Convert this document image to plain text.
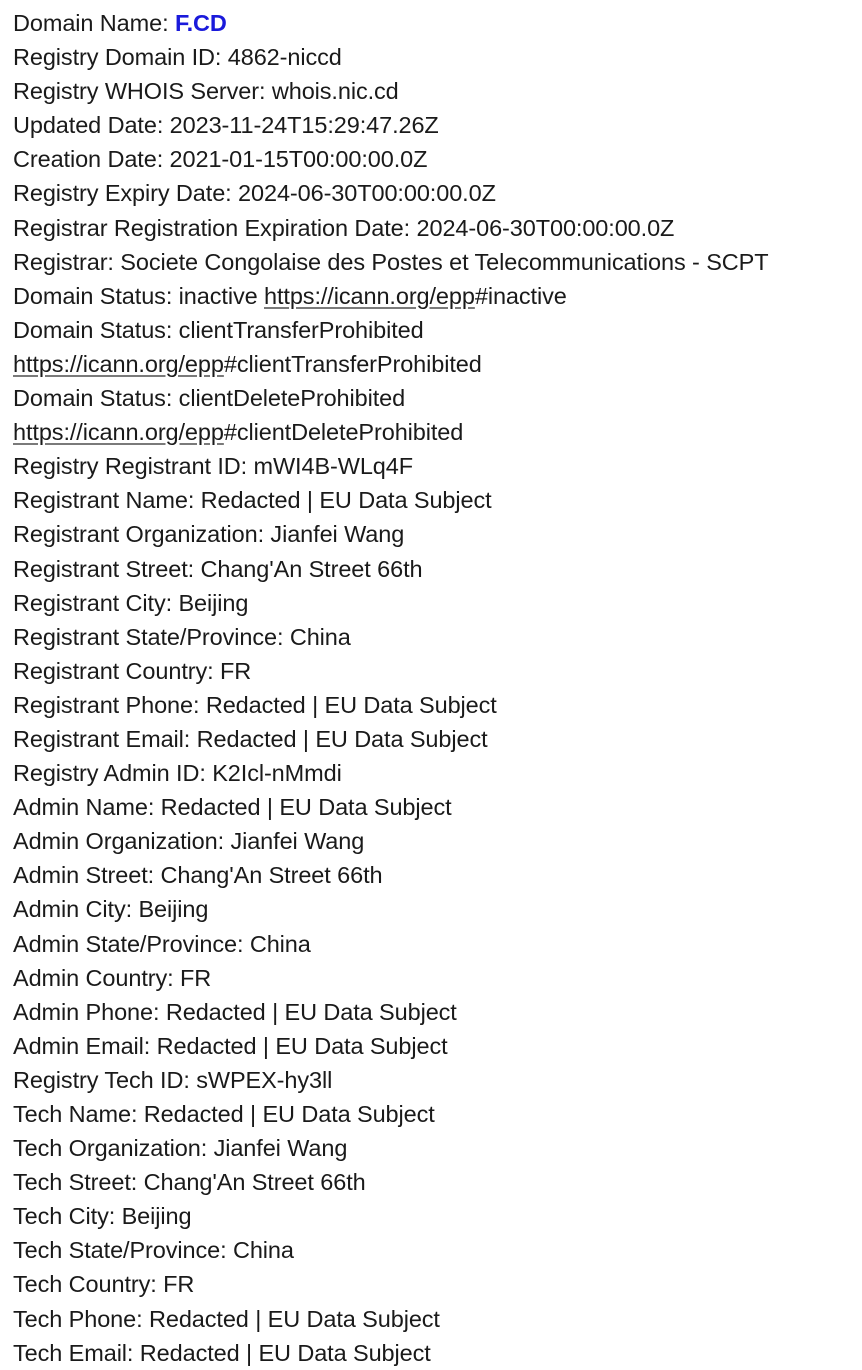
Domain Name: F.CD
Registry Domain ID: 4862-niccd
Registry WHOIS Server: whois.nic.cd
Updated Date: 2023-11-24T15:29:47.26Z
Creation Date: 2021-01-15T00:00:00.0Z
Registry Expiry Date: 2024-06-30T00:00:00.0Z
Registrar Registration Expiration Date: 2024-06-30T00:00:00.0Z
Registrar: Societe Congolaise des Postes et Telecommunications - SCPT
Domain Status: inactive https://icann.org/epp#inactive
Domain Status: clientTransferProhibited
https://icann.org/epp#clientTransferProhibited
Domain Status: clientDeleteProhibited
https://icann.org/epp#clientDeleteProhibited
Registry Registrant ID: mWI4B-WLq4F
Registrant Name: Redacted | EU Data Subject
Registrant Organization: Jianfei Wang
Registrant Street: Chang'An Street 66th
Registrant City: Beijing
Registrant State/Province: China
Registrant Country: FR
Registrant Phone: Redacted | EU Data Subject
Registrant Email: Redacted | EU Data Subject
Registry Admin ID: K2Icl-nMmdi
Admin Name: Redacted | EU Data Subject
Admin Organization: Jianfei Wang
Admin Street: Chang'An Street 66th
Admin City: Beijing
Admin State/Province: China
Admin Country: FR
Admin Phone: Redacted | EU Data Subject
Admin Email: Redacted | EU Data Subject
Registry Tech ID: sWPEX-hy3ll
Tech Name: Redacted | EU Data Subject
Tech Organization: Jianfei Wang
Tech Street: Chang'An Street 66th
Tech City: Beijing
Tech State/Province: China
Tech Country: FR
Tech Phone: Redacted | EU Data Subject
Tech Email: Redacted | EU Data Subject
